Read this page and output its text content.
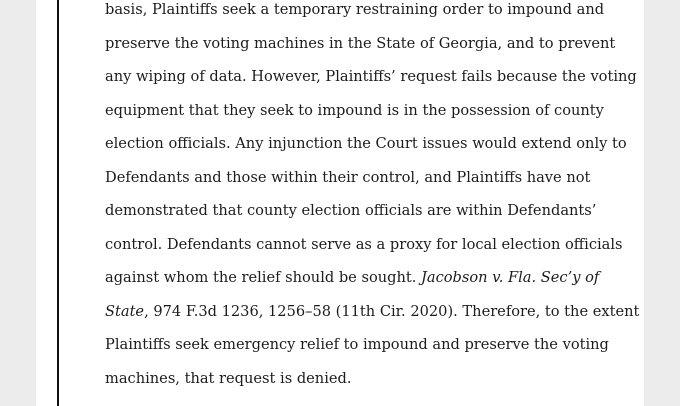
basis, Plaintiffs seek a temporary restraining order to impound and
preserve the voting machines in the State of Georgia, and to prevent
any wiping of data. However, Plaintiffs’ request fails because the voting
equipment that they seek to impound is in the possession of county
election officials. Any injunction the Court issues would extend only to
Defendants and those within their control, and Plaintiffs have not
demonstrated that county election officials are within Defendants’
control. Defendants cannot serve as a proxy for local election officials
against whom the relief should be sought. Jacobson v. Fla. Sec’y of
State, 974 F.3d 1236, 1256–58 (11th Cir. 2020). Therefore, to the extent
Plaintiffs seek emergency relief to impound and preserve the voting
machines, that request is denied.
